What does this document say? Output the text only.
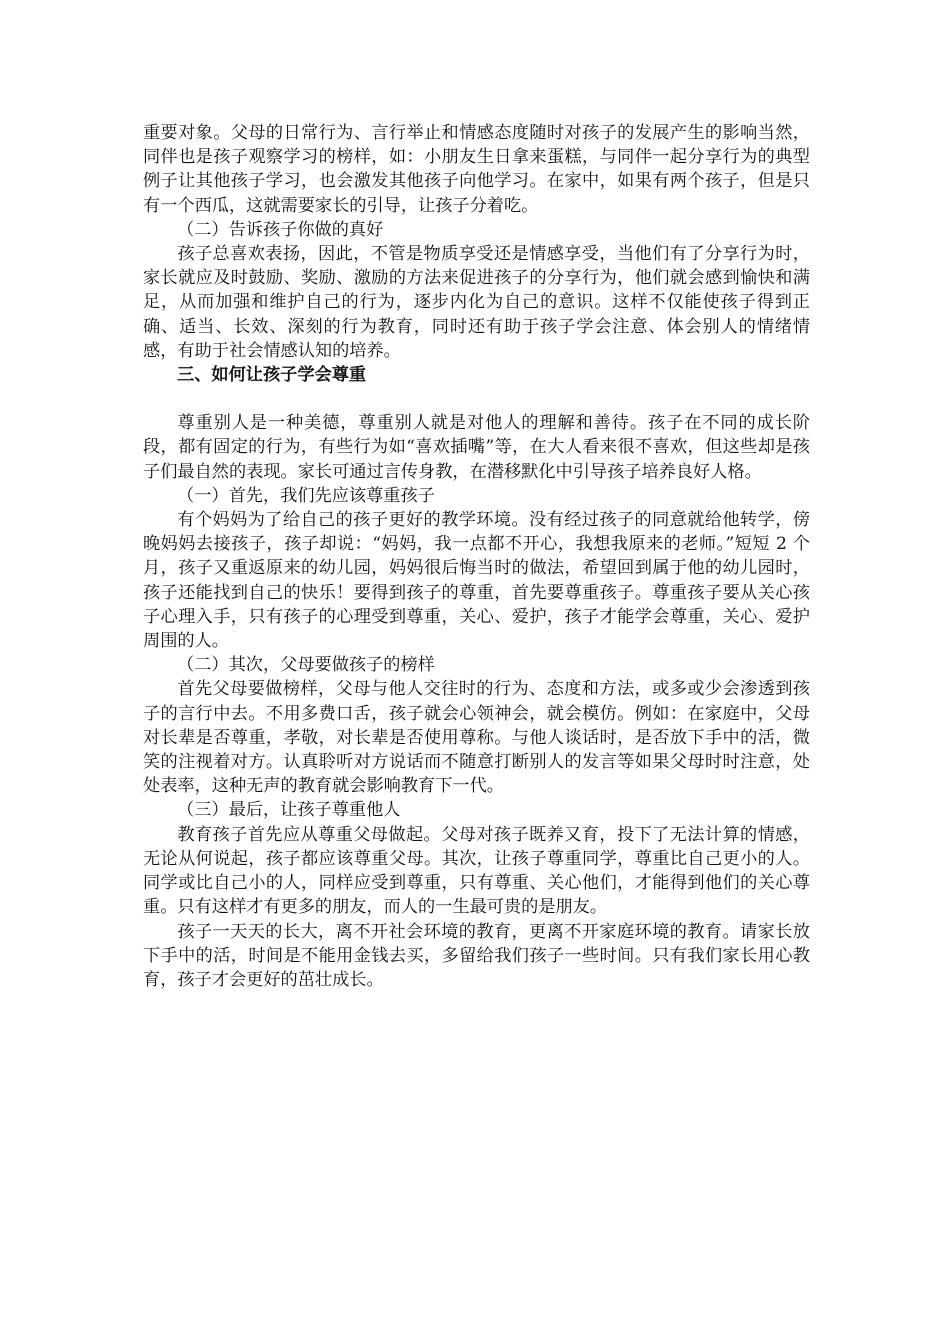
重要对象。父母的日常行为、言行举止和情感态度随时对孩子的发展产生的影响当然，同伴也是孩子观察学习的榜样，如：小朋友生日拿来蛋糕，与同伴一起分享行为的典型例子让其他孩子学习，也会激发其他孩子向他学习。在家中，如果有两个孩子，但是只有一个西瓜，这就需要家长的引导，让孩子分着吃。

（二）告诉孩子你做的真好

孩子总喜欢表扬，因此，不管是物质享受还是情感享受，当他们有了分享行为时，家长就应及时鼓励、奖励、激励的方法来促进孩子的分享行为，他们就会感到愉快和满足，从而加强和维护自己的行为，逐步内化为自己的意识。这样不仅能使孩子得到正确、适当、长效、深刻的行为教育，同时还有助于孩子学会注意、体会别人的情绪情感，有助于社会情感认知的培养。

三、如何让孩子学会尊重

尊重别人是一种美德，尊重别人就是对他人的理解和善待。孩子在不同的成长阶段，都有固定的行为，有些行为如“喜欢插嘴”等，在大人看来很不喜欢，但这些却是孩子们最自然的表现。家长可通过言传身教，在潜移默化中引导孩子培养良好人格。

（一）首先，我们先应该尊重孩子

有个妈妈为了给自己的孩子更好的教学环境。没有经过孩子的同意就给他转学，傍晚妈妈去接孩子，孩子却说：“妈妈，我一点都不开心，我想我原来的老师。”短短 2 个月，孩子又重返原来的幼儿园，妈妈很后悔当时的做法，希望回到属于他的幼儿园时，孩子还能找到自己的快乐！要得到孩子的尊重，首先要尊重孩子。尊重孩子要从关心孩子心理入手，只有孩子的心理受到尊重，关心、爱护，孩子才能学会尊重，关心、爱护周围的人。

（二）其次，父母要做孩子的榜样

首先父母要做榜样，父母与他人交往时的行为、态度和方法，或多或少会渗透到孩子的言行中去。不用多费口舌，孩子就会心领神会，就会模仿。例如：在家庭中，父母对长辈是否尊重，孝敬，对长辈是否使用尊称。与他人谈话时，是否放下手中的活，微笑的注视着对方。认真聆听对方说话而不随意打断别人的发言等如果父母时时注意，处处表率，这种无声的教育就会影响教育下一代。

（三）最后，让孩子尊重他人

教育孩子首先应从尊重父母做起。父母对孩子既养又育，投下了无法计算的情感，无论从何说起，孩子都应该尊重父母。其次，让孩子尊重同学，尊重比自己更小的人。同学或比自己小的人，同样应受到尊重，只有尊重、关心他们，才能得到他们的关心尊重。只有这样才有更多的朋友，而人的一生最可贵的是朋友。

孩子一天天的长大，离不开社会环境的教育，更离不开家庭环境的教育。请家长放下手中的活，时间是不能用金钱去买，多留给我们孩子一些时间。只有我们家长用心教育，孩子才会更好的茁壮成长。
